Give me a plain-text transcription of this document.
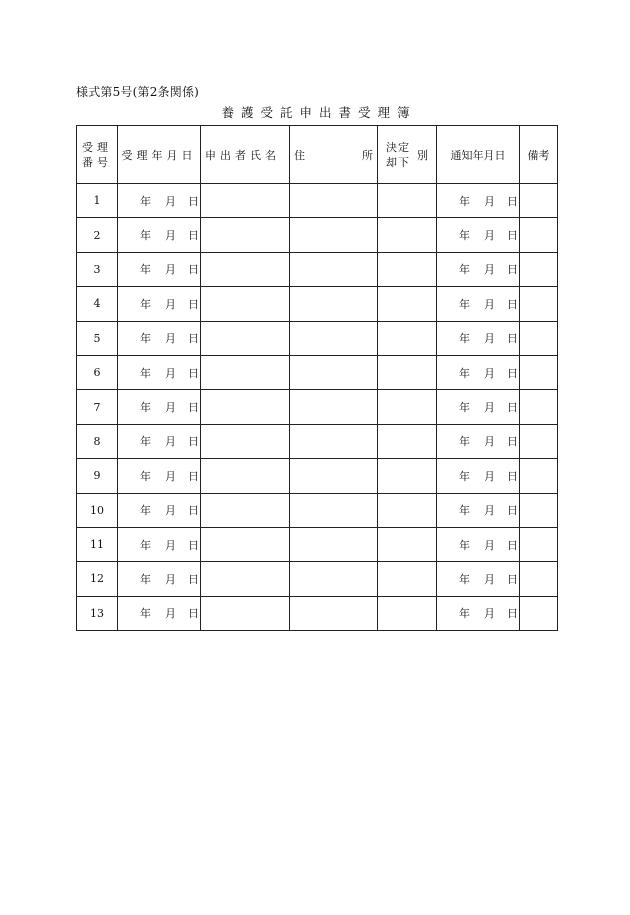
様式第5号(第2条関係)
養護受託申出書受理簿
受理
番号	受理年月日	申出者氏名	住 所	決定
却下
別	通知年月日	備考
1	年 月 日				年 月 日	

2	年 月 日				年 月 日	

3	年 月 日				年 月 日	

4	年 月 日				年 月 日	

5	年 月 日				年 月 日	

6	年 月 日				年 月 日	

7	年 月 日				年 月 日	

8	年 月 日				年 月 日	

9	年 月 日				年 月 日	

10	年 月 日				年 月 日	

11	年 月 日				年 月 日	

12	年 月 日				年 月 日	

13	年 月 日				年 月 日	
